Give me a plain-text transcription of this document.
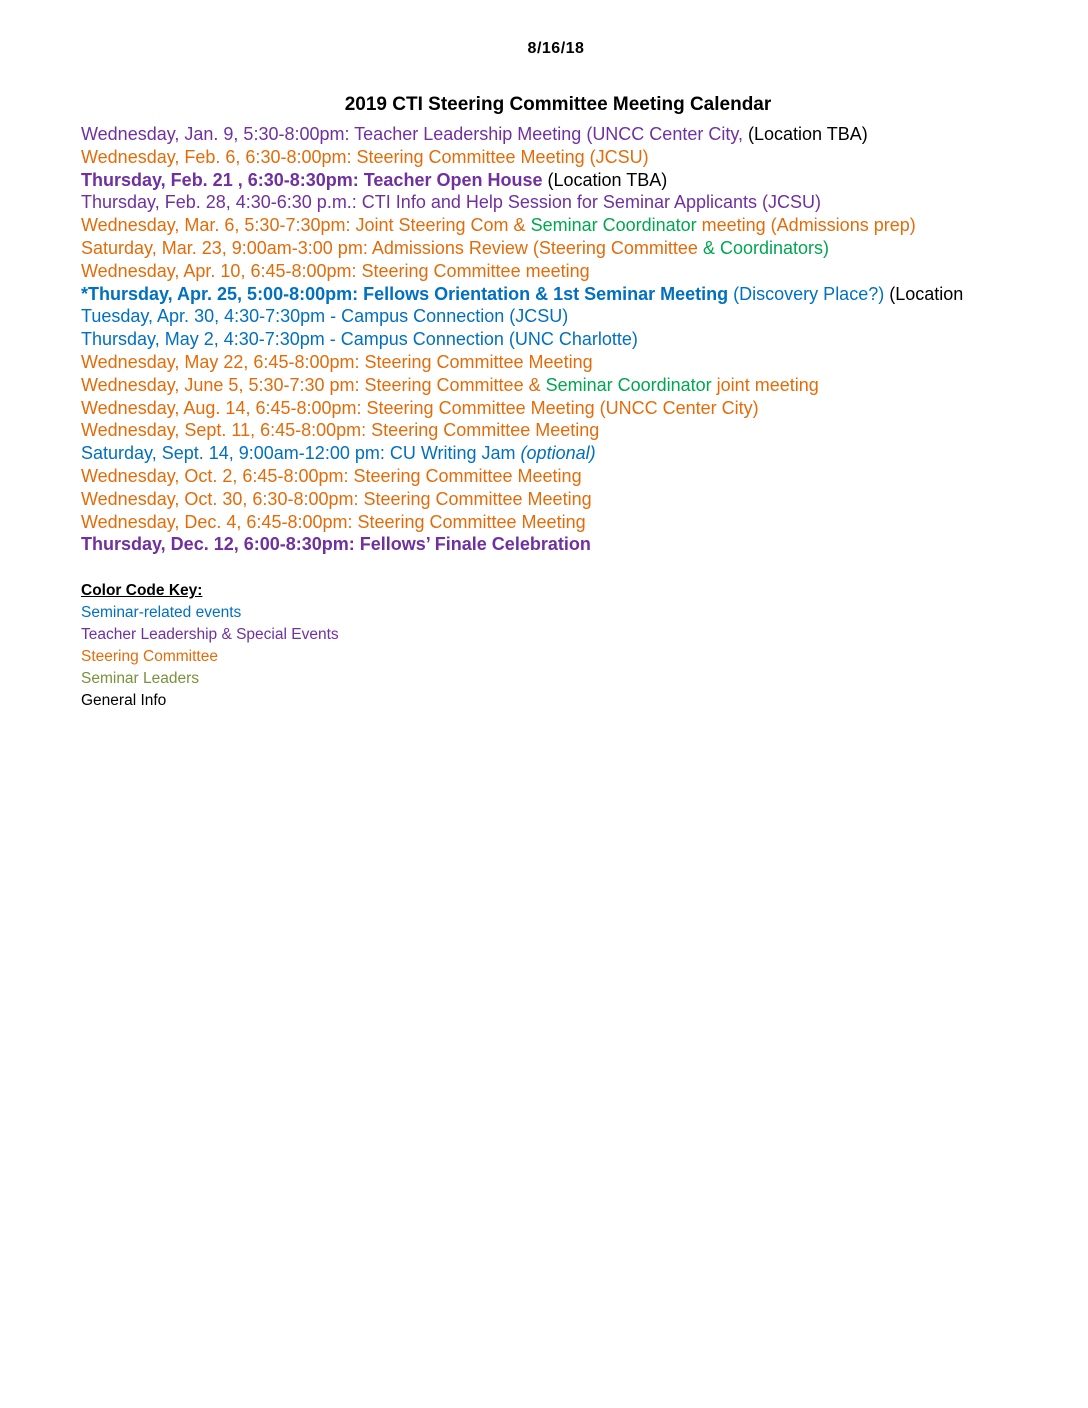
8/16/18
2019 CTI Steering Committee Meeting Calendar
Wednesday, Jan. 9, 5:30-8:00pm: Teacher Leadership Meeting (UNCC Center City, (Location TBA)
Wednesday, Feb. 6, 6:30-8:00pm: Steering Committee Meeting (JCSU)
Thursday, Feb. 21 , 6:30-8:30pm: Teacher Open House (Location TBA)
Thursday, Feb. 28, 4:30-6:30 p.m.: CTI Info and Help Session for Seminar Applicants (JCSU)
Wednesday, Mar. 6, 5:30-7:30pm: Joint Steering Com & Seminar Coordinator meeting (Admissions prep)
Saturday, Mar. 23, 9:00am-3:00 pm: Admissions Review (Steering Committee & Coordinators)
Wednesday, Apr. 10, 6:45-8:00pm: Steering Committee meeting
*Thursday, Apr. 25, 5:00-8:00pm: Fellows Orientation & 1st Seminar Meeting (Discovery Place?) (Location
Tuesday, Apr. 30, 4:30-7:30pm - Campus Connection (JCSU)
Thursday, May 2, 4:30-7:30pm - Campus Connection (UNC Charlotte)
Wednesday, May 22, 6:45-8:00pm: Steering Committee Meeting
Wednesday, June 5, 5:30-7:30 pm: Steering Committee & Seminar Coordinator joint meeting
Wednesday, Aug. 14, 6:45-8:00pm: Steering Committee Meeting (UNCC Center City)
Wednesday, Sept. 11, 6:45-8:00pm: Steering Committee Meeting
Saturday, Sept. 14, 9:00am-12:00 pm: CU Writing Jam (optional)
Wednesday, Oct. 2, 6:45-8:00pm: Steering Committee Meeting
Wednesday, Oct. 30, 6:30-8:00pm: Steering Committee Meeting
Wednesday, Dec. 4, 6:45-8:00pm: Steering Committee Meeting
Thursday, Dec. 12, 6:00-8:30pm: Fellows’ Finale Celebration
Color Code Key:
Seminar-related events
Teacher Leadership & Special Events
Steering Committee
Seminar Leaders
General Info
